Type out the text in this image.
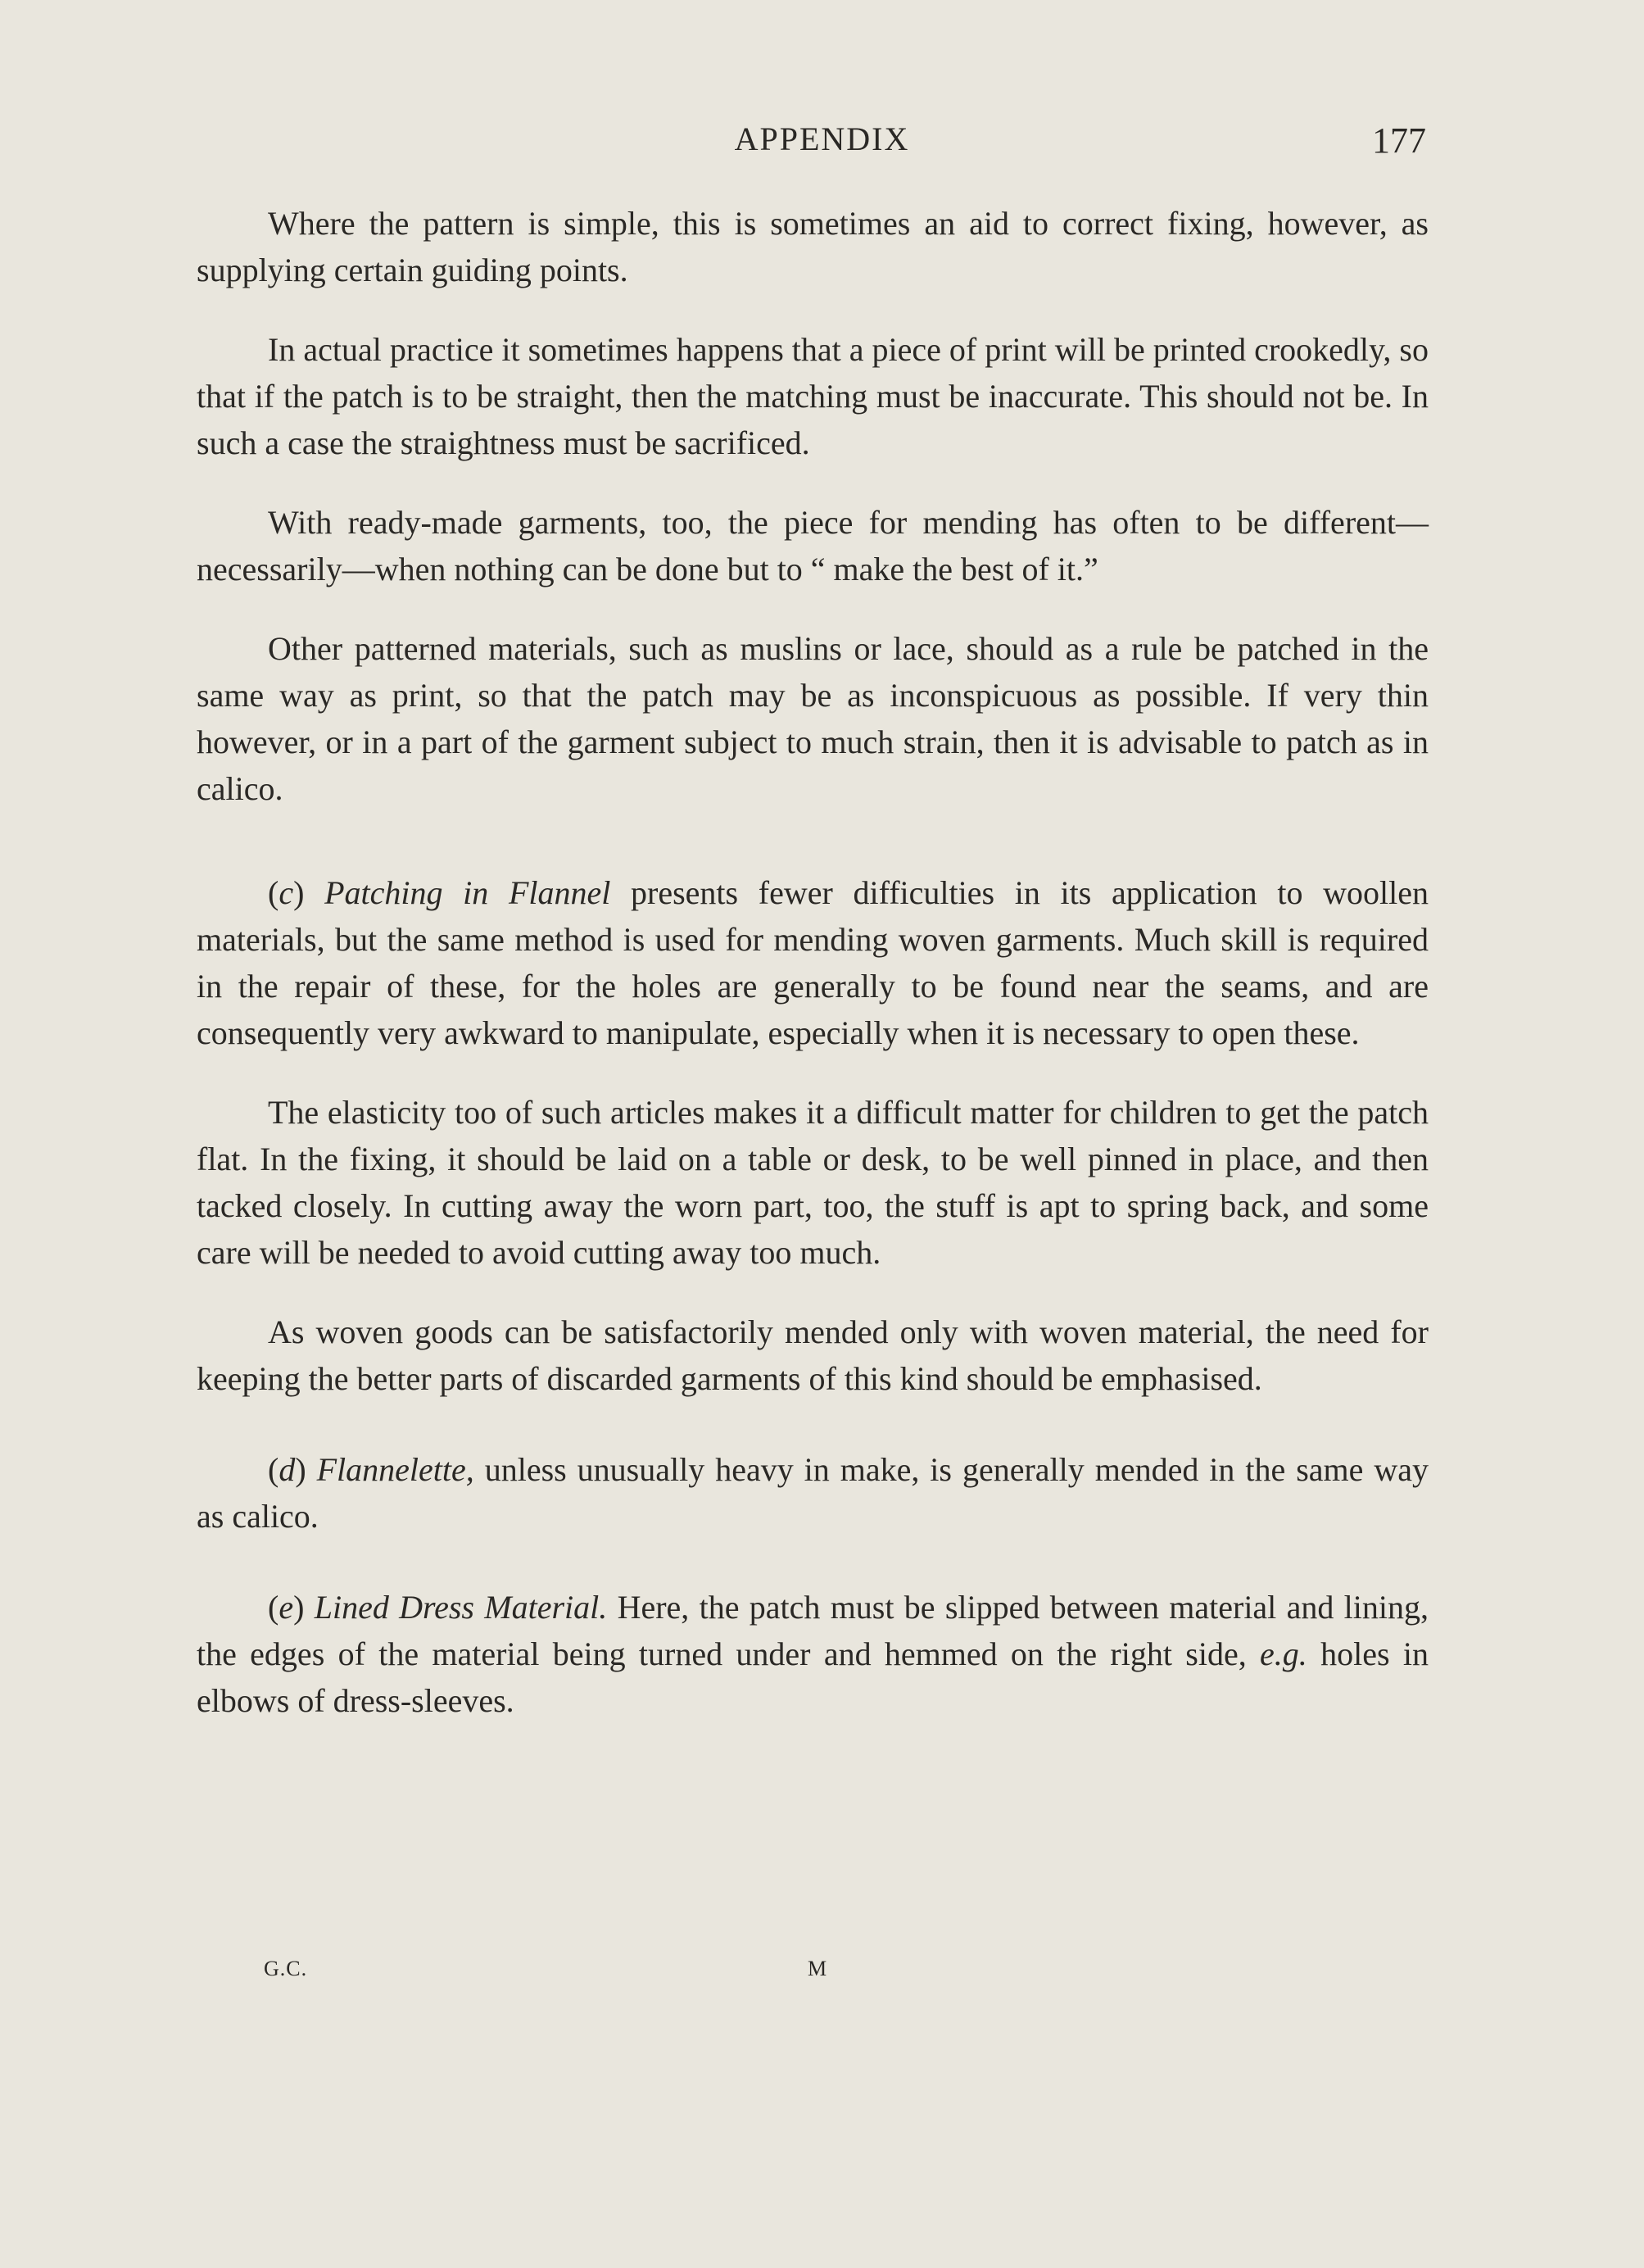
APPENDIX	177

Where the pattern is simple, this is sometimes an aid to correct fixing, however, as supplying certain guiding points.

In actual practice it sometimes happens that a piece of print will be printed crookedly, so that if the patch is to be straight, then the matching must be inaccurate. This should not be. In such a case the straightness must be sacrificed.

With ready-made garments, too, the piece for mending has often to be different—necessarily—when nothing can be done but to “ make the best of it.”

Other patterned materials, such as muslins or lace, should as a rule be patched in the same way as print, so that the patch may be as inconspicuous as possible. If very thin however, or in a part of the garment subject to much strain, then it is advisable to patch as in calico.

(c) Patching in Flannel presents fewer difficulties in its application to woollen materials, but the same method is used for mending woven garments. Much skill is required in the repair of these, for the holes are generally to be found near the seams, and are consequently very awkward to manipulate, especially when it is necessary to open these.

The elasticity too of such articles makes it a difficult matter for children to get the patch flat. In the fixing, it should be laid on a table or desk, to be well pinned in place, and then tacked closely. In cutting away the worn part, too, the stuff is apt to spring back, and some care will be needed to avoid cutting away too much.

As woven goods can be satisfactorily mended only with woven material, the need for keeping the better parts of discarded garments of this kind should be emphasised.

(d) Flannelette, unless unusually heavy in make, is generally mended in the same way as calico.

(e) Lined Dress Material. Here, the patch must be slipped between material and lining, the edges of the material being turned under and hemmed on the right side, e.g. holes in elbows of dress-sleeves.

G.C.	M
